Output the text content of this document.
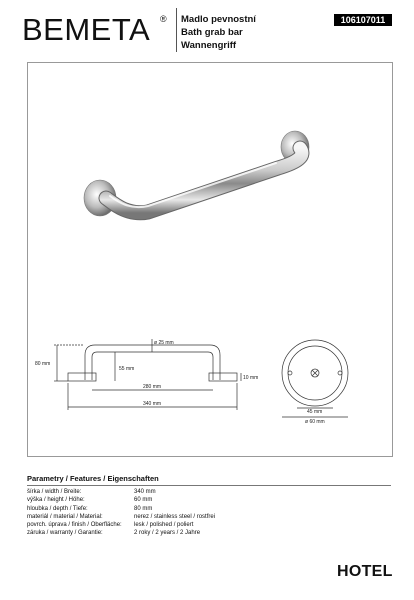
BEMETA ® Madlo pevnostní
Bath grab bar
Wannengriff
106107011
ø 25 mm
80 mm
55 mm
10 mm
280 mm
340 mm
45 mm
ø 60 mm
Parametry / Features / Eigenschaften
šírka / width / Breite:	340 mm
výška / height / Höhe:	60 mm
hloubka / depth / Tiefe:	80 mm
materiál / material / Material:	nerez / stainless steel / rostfrei
povrch. úprava / finish / Oberfläche:	lesk / polished / poliert
záruka / warranty / Garantie:	2 roky / 2 years / 2 Jahre
HOTEL
